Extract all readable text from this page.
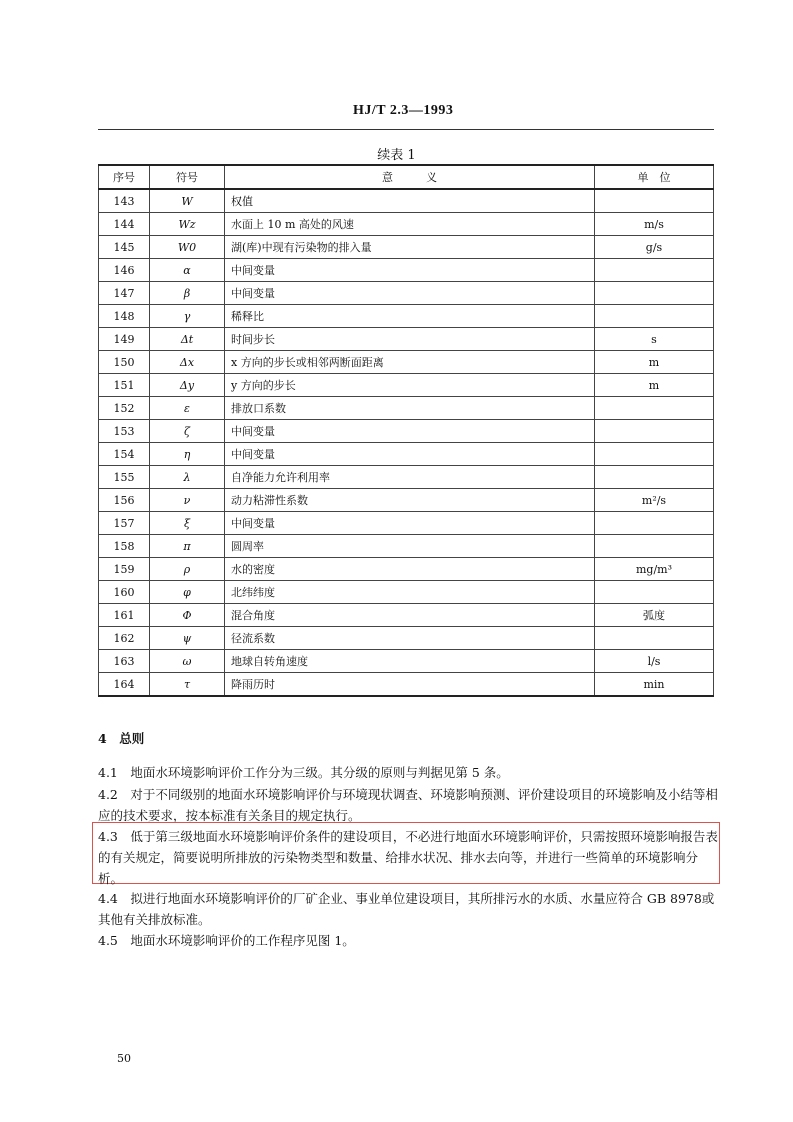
HJ/T 2.3—1993
续表 1
序号	符号	意　　　义	单　位
143	W	权值	
144	Wz	水面上 10 m 高处的风速	m/s
145	W0	湖(库)中现有污染物的排入量	g/s
146	α	中间变量	
147	β	中间变量	
148	γ	稀释比	
149	Δt	时间步长	s
150	Δx	x 方向的步长或相邻两断面距离	m
151	Δy	y 方向的步长	m
152	ε	排放口系数	
153	ζ	中间变量	
154	η	中间变量	
155	λ	自净能力允许利用率	
156	ν	动力粘滞性系数	m²/s
157	ξ	中间变量	
158	π	圆周率	
159	ρ	水的密度	mg/m³
160	φ	北纬纬度	
161	Φ	混合角度	弧度
162	ψ	径流系数	
163	ω	地球自转角速度	l/s
164	τ	降雨历时	min
4　总则
4.1　地面水环境影响评价工作分为三级。其分级的原则与判据见第 5 条。
4.2　对于不同级别的地面水环境影响评价与环境现状调查、环境影响预测、评价建设项目的环境影响及小结等相应的技术要求，按本标准有关条目的规定执行。
4.3　低于第三级地面水环境影响评价条件的建设项目，不必进行地面水环境影响评价，只需按照环境影响报告表的有关规定，简要说明所排放的污染物类型和数量、给排水状况、排水去向等，并进行一些简单的环境影响分析。
4.4　拟进行地面水环境影响评价的厂矿企业、事业单位建设项目，其所排污水的水质、水量应符合 GB 8978或其他有关排放标准。
4.5　地面水环境影响评价的工作程序见图 1。
50
